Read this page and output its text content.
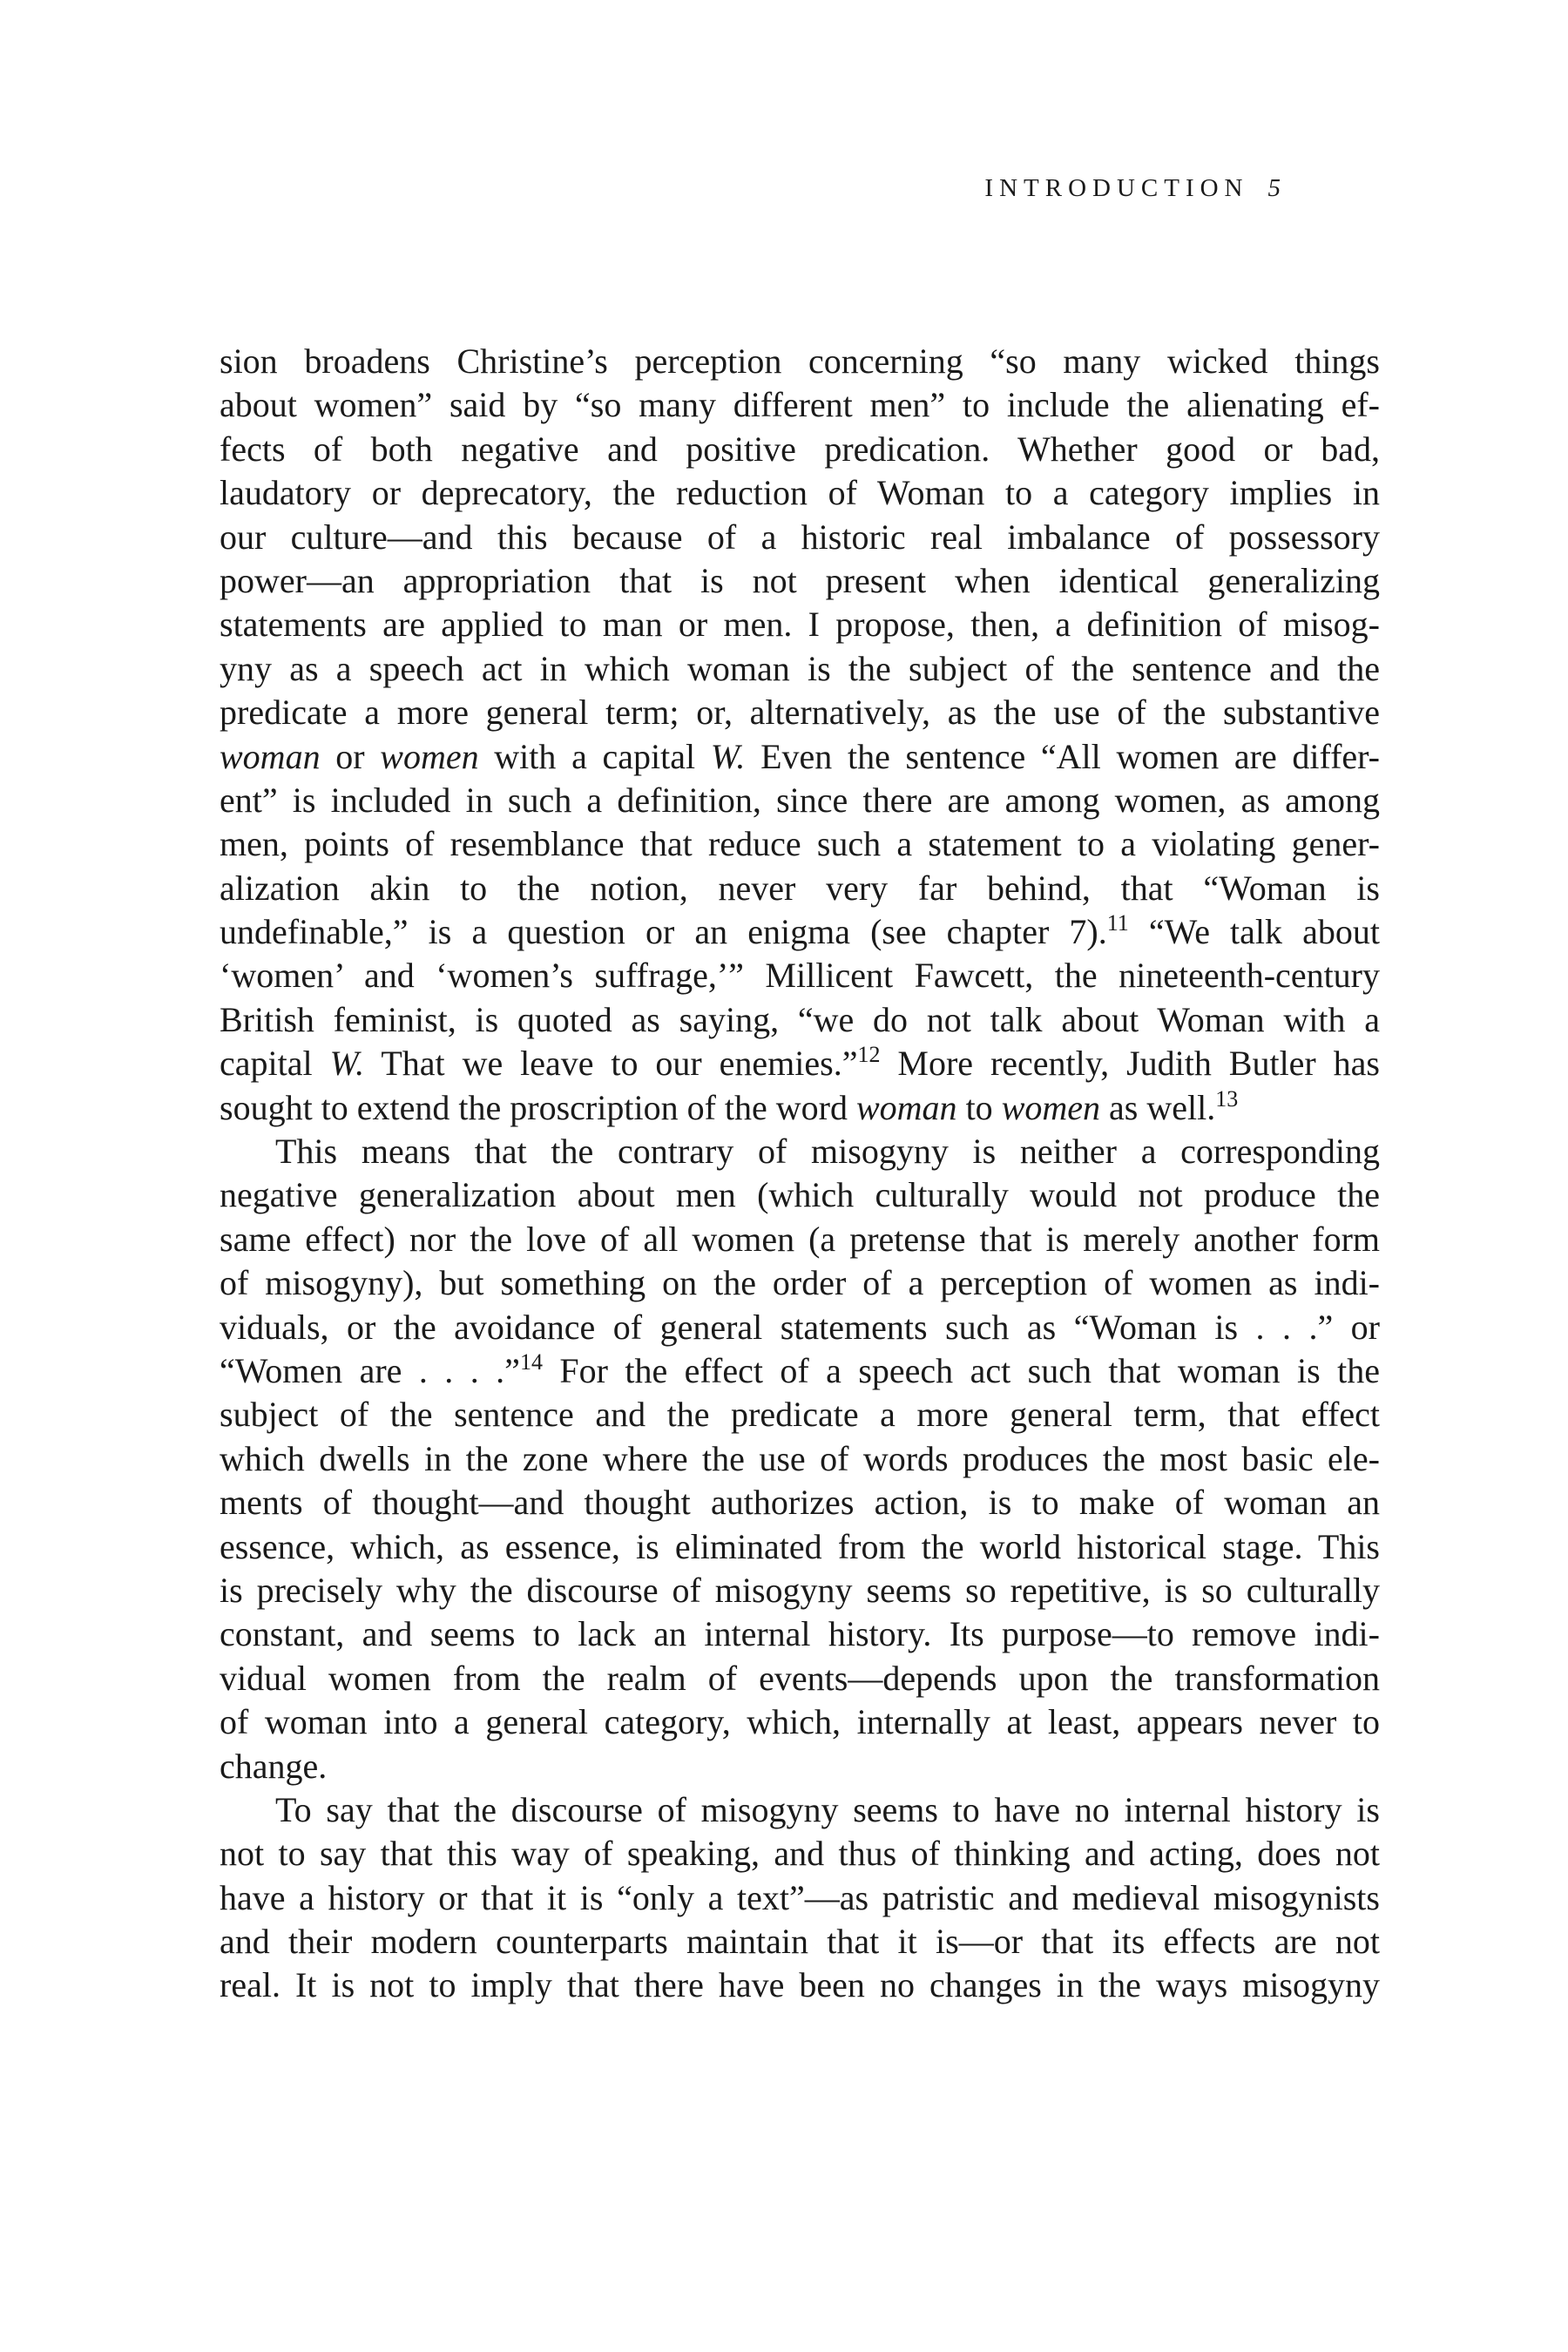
INTRODUCTION 5
sion broadens Christine’s perception concerning “so many wicked things
about women” said by “so many different men” to include the alienating ef-
fects of both negative and positive predication. Whether good or bad,
laudatory or deprecatory, the reduction of Woman to a category implies in
our culture—and this because of a historic real imbalance of possessory
power—an appropriation that is not present when identical generalizing
statements are applied to man or men. I propose, then, a definition of misog-
yny as a speech act in which woman is the subject of the sentence and the
predicate a more general term; or, alternatively, as the use of the substantive
woman or women with a capital W. Even the sentence “All women are differ-
ent” is included in such a definition, since there are among women, as among
men, points of resemblance that reduce such a statement to a violating gener-
alization akin to the notion, never very far behind, that “Woman is
undefinable,” is a question or an enigma (see chapter 7).$^{11}$ “We talk about
‘women’ and ‘women’s suffrage,’” Millicent Fawcett, the nineteenth-century
British feminist, is quoted as saying, “we do not talk about Woman with a
capital W. That we leave to our enemies.”$^{12}$ More recently, Judith Butler has
sought to extend the proscription of the word woman to women as well.$^{13}$
This means that the contrary of misogyny is neither a corresponding
negative generalization about men (which culturally would not produce the
same effect) nor the love of all women (a pretense that is merely another form
of misogyny), but something on the order of a perception of women as indi-
viduals, or the avoidance of general statements such as “Woman is . . .” or
“Women are . . . .”$^{14}$ For the effect of a speech act such that woman is the
subject of the sentence and the predicate a more general term, that effect
which dwells in the zone where the use of words produces the most basic ele-
ments of thought—and thought authorizes action, is to make of woman an
essence, which, as essence, is eliminated from the world historical stage. This
is precisely why the discourse of misogyny seems so repetitive, is so culturally
constant, and seems to lack an internal history. Its purpose—to remove indi-
vidual women from the realm of events—depends upon the transformation
of woman into a general category, which, internally at least, appears never to
change.
To say that the discourse of misogyny seems to have no internal history is
not to say that this way of speaking, and thus of thinking and acting, does not
have a history or that it is “only a text”—as patristic and medieval misogynists
and their modern counterparts maintain that it is—or that its effects are not
real. It is not to imply that there have been no changes in the ways misogyny
